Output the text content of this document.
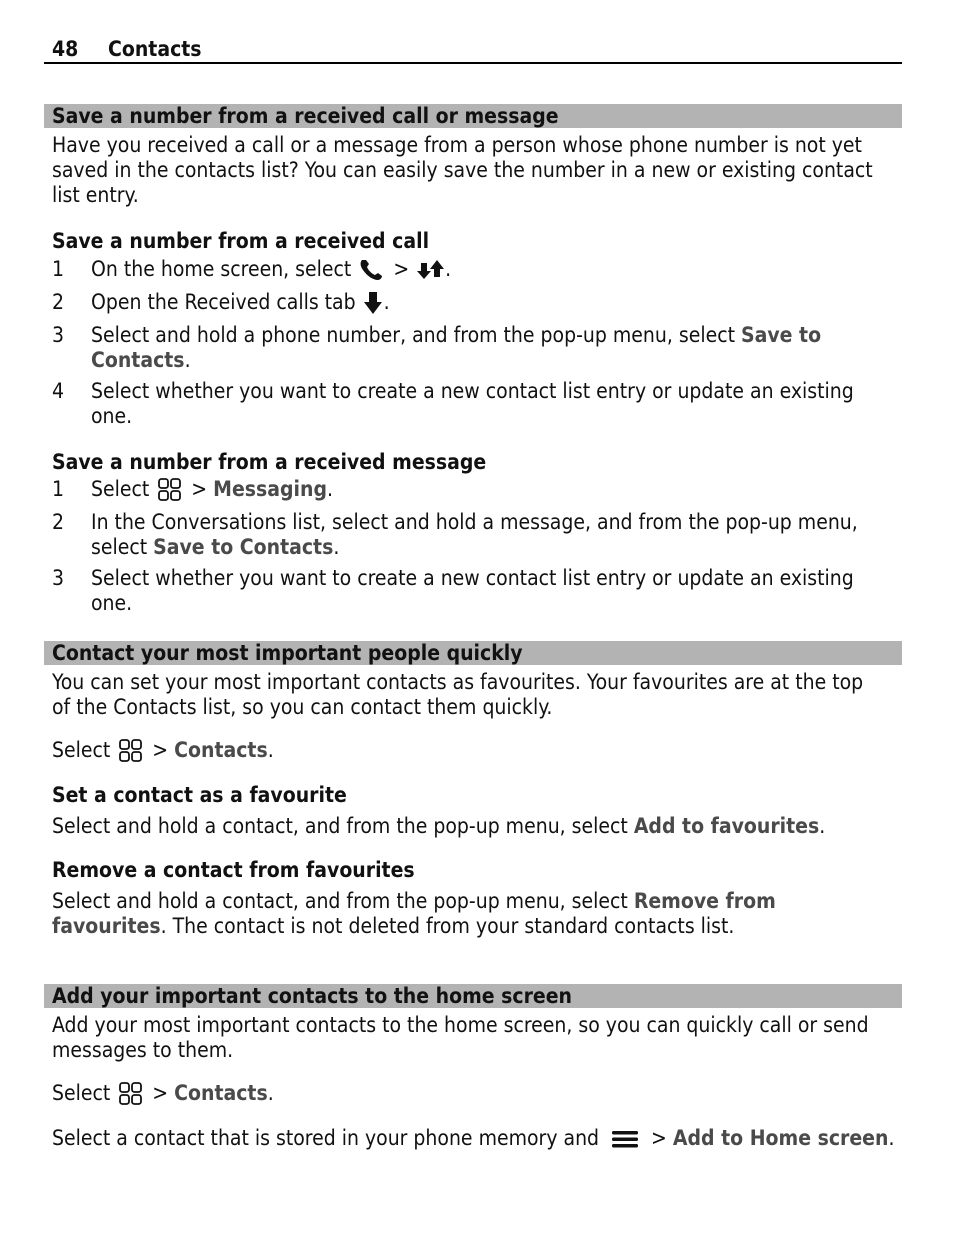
48 Contacts
Save a number from a received call or message
Have you received a call or a message from a person whose phone number is not yet
saved in the contacts list? You can easily save the number in a new or existing contact
list entry.
Save a number from a received call
1 On the home screen, select  > .
2 Open the Received calls tab .
3 Select and hold a phone number, and from the pop-up menu, select Save to
Contacts.
4 Select whether you want to create a new contact list entry or update an existing
one.
Save a number from a received message
1 Select  > Messaging.
2 In the Conversations list, select and hold a message, and from the pop-up menu,
select Save to Contacts.
3 Select whether you want to create a new contact list entry or update an existing
one.
Contact your most important people quickly
You can set your most important contacts as favourites. Your favourites are at the top
of the Contacts list, so you can contact them quickly.
Select  > Contacts.
Set a contact as a favourite
Select and hold a contact, and from the pop-up menu, select Add to favourites.
Remove a contact from favourites
Select and hold a contact, and from the pop-up menu, select Remove from
favourites. The contact is not deleted from your standard contacts list.
Add your important contacts to the home screen
Add your most important contacts to the home screen, so you can quickly call or send
messages to them.
Select  > Contacts.
Select a contact that is stored in your phone memory and  > Add to Home screen.
